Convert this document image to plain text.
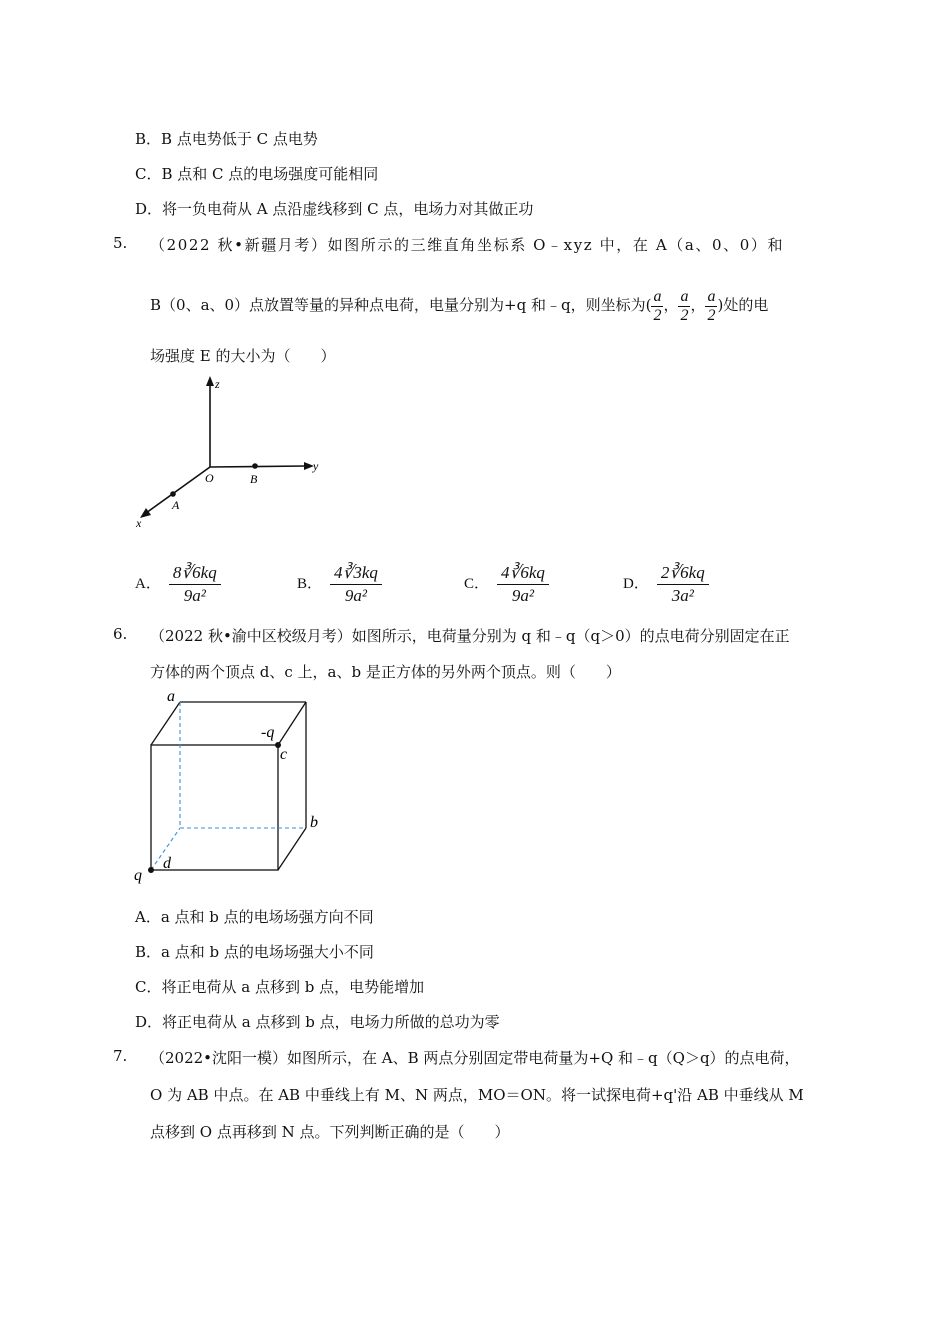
B．B 点电势低于 C 点电势
C．B 点和 C 点的电场强度可能相同
D．将一负电荷从 A 点沿虚线移到 C 点，电场力对其做正功
5. （2022 秋•新疆月考）如图所示的三维直角坐标系 O﹣xyz 中，在 A（a、0、0）和
B（0、a、0）点放置等量的异种点电荷，电量分别为+q 和﹣q，则坐标为( $\frac{a}{2}$ ， $\frac{a}{2}$ ， $\frac{a}{2}$ )处的电
场强度 E 的大小为（　　）
z
y
x
O	B
A
A． $\frac{8∛6kq}{\text{9a²}}$	B． $\frac{4∛3kq}{\text{9a²}}$	C． $\frac{4∛6kq}{\text{9a²}}$	D． $\frac{2∛6kq}{\text{3a²}}$
6. （2022 秋•渝中区校级月考）如图所示，电荷量分别为 q 和﹣q（q＞0）的点电荷分别固定在正
方体的两个顶点 d、c 上，a、b 是正方体的另外两个顶点。则（　　）
a
-q
c
b
d
q
A．a 点和 b 点的电场场强方向不同
B．a 点和 b 点的电场场强大小不同
C．将正电荷从 a 点移到 b 点，电势能增加
D．将正电荷从 a 点移到 b 点，电场力所做的总功为零
7. （2022•沈阳一模）如图所示，在 A、B 两点分别固定带电荷量为+Q 和﹣q（Q＞q）的点电荷，
O 为 AB 中点。在 AB 中垂线上有 M、N 两点，MO＝ON。将一试探电荷+q'沿 AB 中垂线从 M
点移到 O 点再移到 N 点。下列判断正确的是（　　）
